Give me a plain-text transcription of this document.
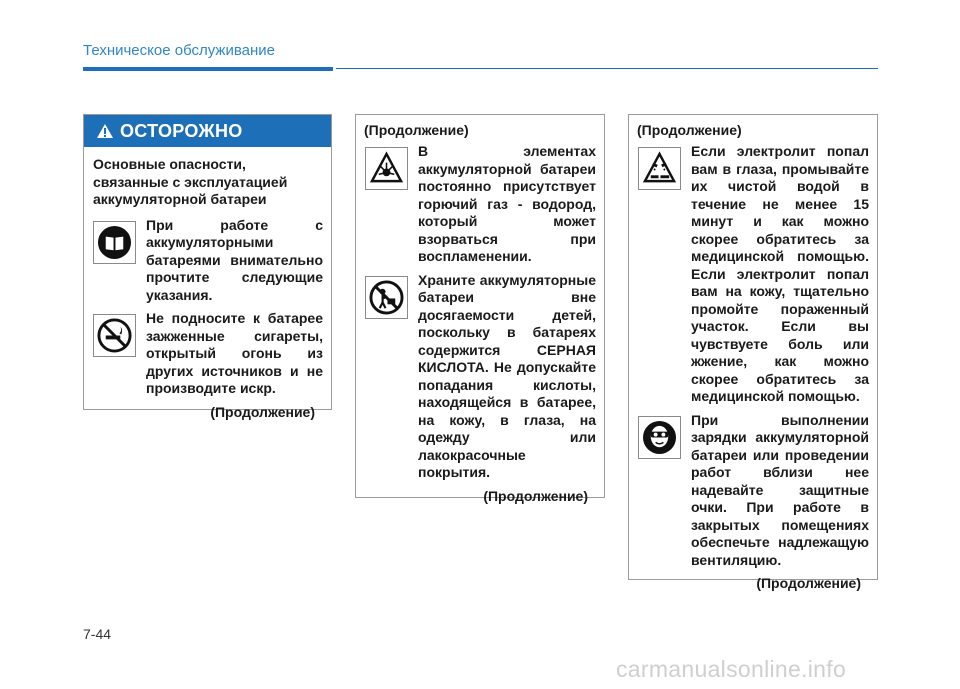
Техническое обслуживание
ОСТОРОЖНО
Основные опасности, связанные с эксплуатацией аккумуляторной батареи
При работе с аккумуляторными батареями внимательно прочтите следующие указания.
Не подносите к батарее зажженные сигареты, открытый огонь из других источников и не производите искр.
(Продолжение)
(Продолжение)
В элементах аккумуляторной батареи постоянно присутствует горючий газ - водород, который может взорваться при воспламенении.
Храните аккумуляторные батареи вне досягаемости детей, поскольку в батареях содержится СЕРНАЯ КИСЛОТА. Не допускайте попадания кислоты, находящейся в батарее, на кожу, в глаза, на одежду или лакокрасочные покрытия.
(Продолжение)
(Продолжение)
Если электролит попал вам в глаза, промывайте их чистой водой в течение не менее 15 минут и как можно скорее обратитесь за медицинской помощью. Если электролит попал вам на кожу, тщательно промойте пораженный участок. Если вы чувствуете боль или жжение, как можно скорее обратитесь за медицинской помощью.
При выполнении зарядки аккумуляторной батареи или проведении работ вблизи нее надевайте защитные очки. При работе в закрытых помещениях обеспечьте надлежащую вентиляцию.
(Продолжение)
7-44
carmanualsonline.info
